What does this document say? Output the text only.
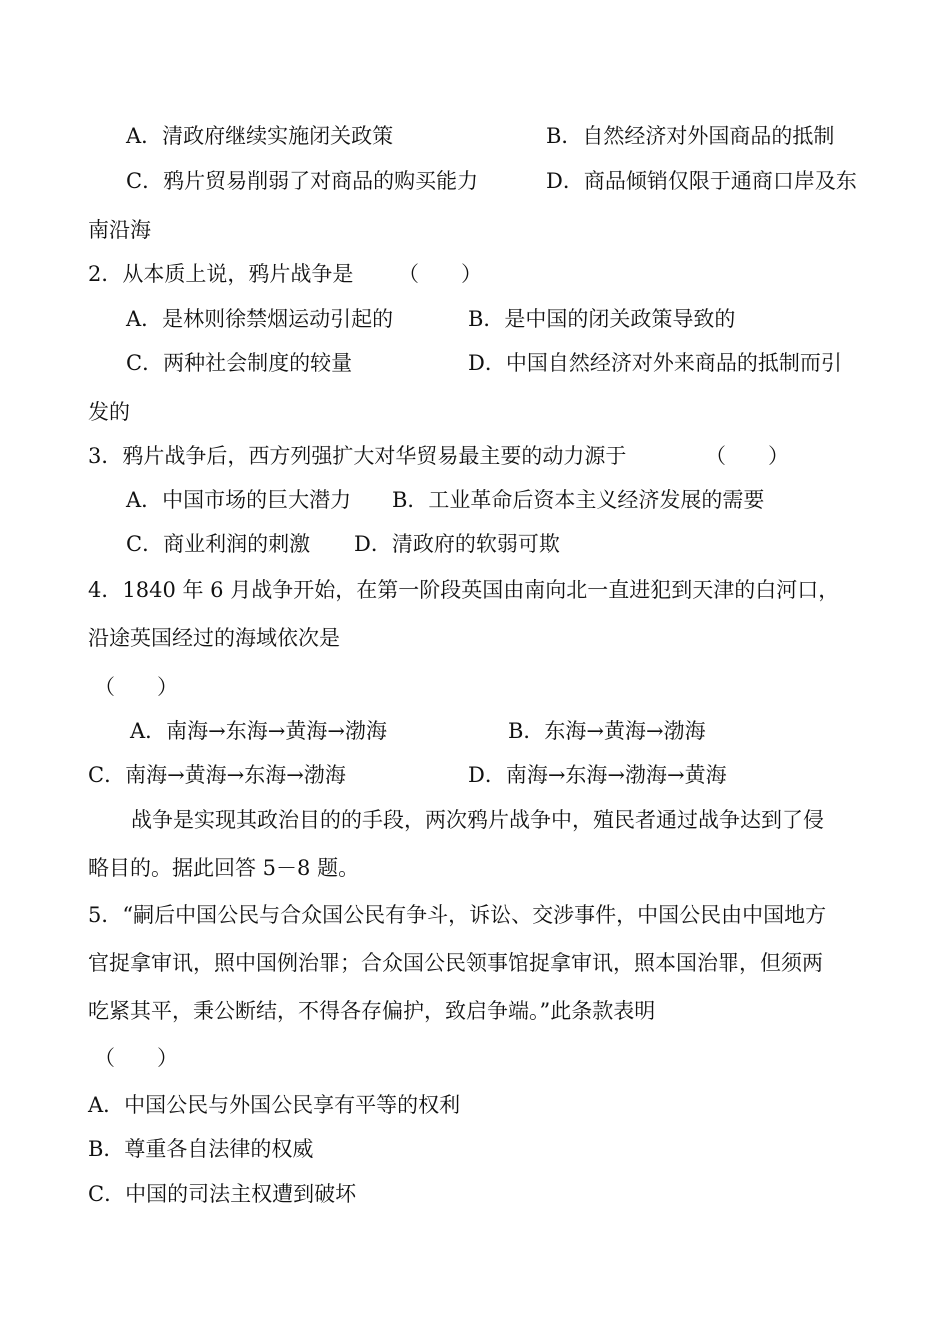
A．清政府继续实施闭关政策	B．自然经济对外国商品的抵制
C．鸦片贸易削弱了对商品的购买能力	D．商品倾销仅限于通商口岸及东
南沿海
2．从本质上说，鸦片战争是 （　　）
A．是林则徐禁烟运动引起的	B．是中国的闭关政策导致的
C．两种社会制度的较量	D．中国自然经济对外来商品的抵制而引
发的
3．鸦片战争后，西方列强扩大对华贸易最主要的动力源于	（　　）
A．中国市场的巨大潜力 B．工业革命后资本主义经济发展的需要
C．商业利润的刺激 D．清政府的软弱可欺
4．1840 年 6 月战争开始，在第一阶段英国由南向北一直进犯到天津的白河口，
沿途英国经过的海域依次是
（　　）
A．南海→东海→黄海→渤海	B．东海→黄海→渤海
C．南海→黄海→东海→渤海	D．南海→东海→渤海→黄海
战争是实现其政治目的的手段，两次鸦片战争中，殖民者通过战争达到了侵
略目的。据此回答 5－8 题。
5．“嗣后中国公民与合众国公民有争斗，诉讼、交涉事件，中国公民由中国地方
官捉拿审讯，照中国例治罪；合众国公民领事馆捉拿审讯，照本国治罪，但须两
吃紧其平，秉公断结，不得各存偏护，致启争端。”此条款表明
（　　）
A．中国公民与外国公民享有平等的权利
B．尊重各自法律的权威
C．中国的司法主权遭到破坏
